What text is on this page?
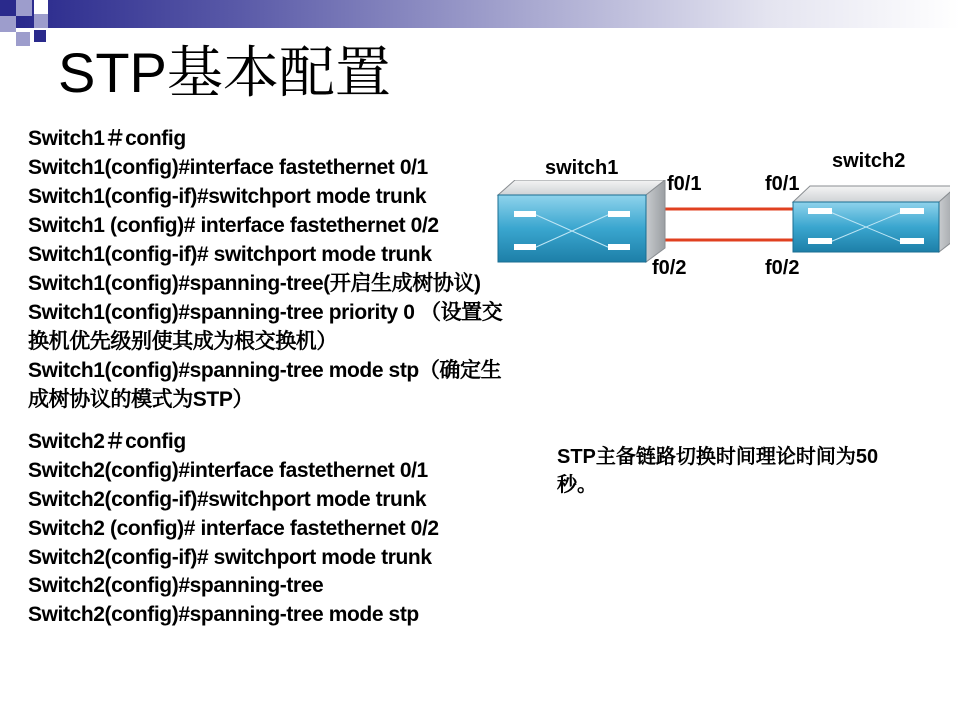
STP基本配置

Switch1＃config

Switch1(config)#interface fastethernet 0/1

Switch1(config-if)#switchport mode trunk

Switch1 (config)# interface fastethernet 0/2

Switch1(config-if)# switchport mode trunk

Switch1(config)#spanning-tree(开启生成树协议)

Switch1(config)#spanning-tree priority 0 （设置交

换机优先级别使其成为根交换机）

Switch1(config)#spanning-tree mode stp（确定生

成树协议的模式为STP）

Switch2＃config

Switch2(config)#interface fastethernet 0/1

Switch2(config-if)#switchport mode trunk

Switch2 (config)# interface fastethernet 0/2

Switch2(config-if)# switchport mode trunk

Switch2(config)#spanning-tree

Switch2(config)#spanning-tree mode stp

switch1	switch2
f0/1	f0/1
f0/2	f0/2

STP主备链路切换时间理论时间为50秒。
